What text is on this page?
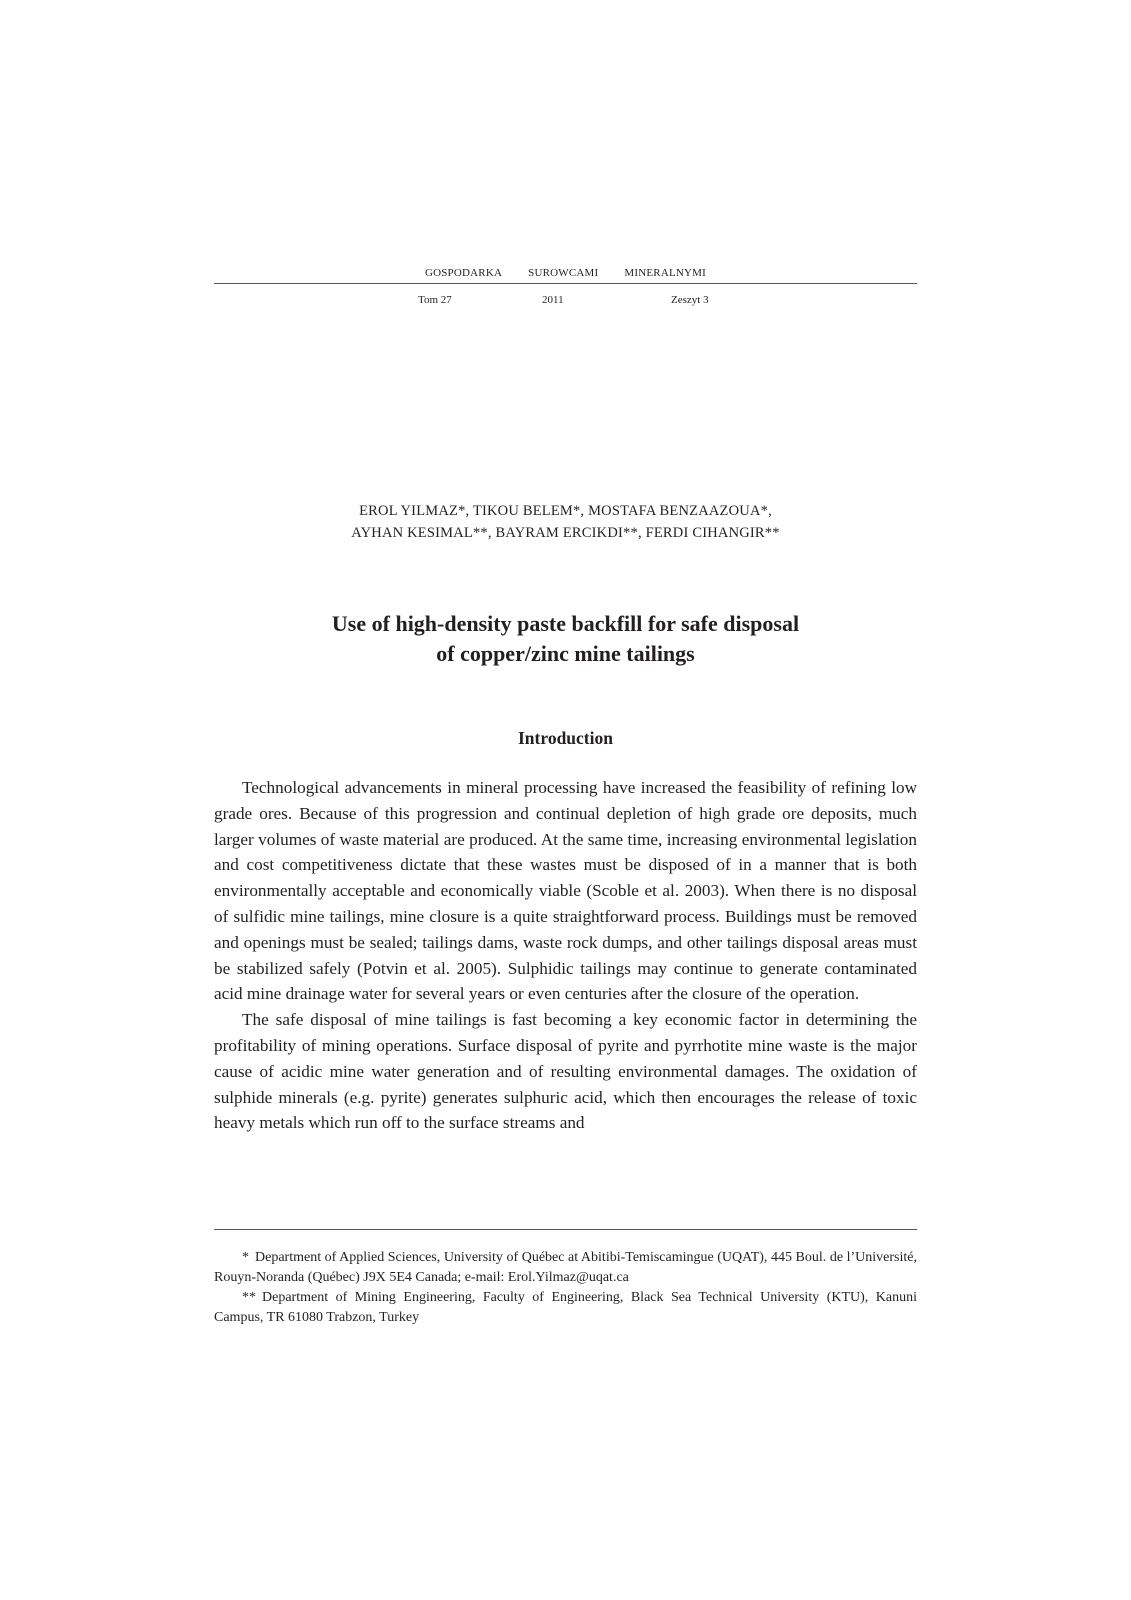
GOSPODARKA SUROWCAMI MINERALNYMI
Tom 27	2011	Zeszyt 3
EROL YILMAZ*, TIKOU BELEM*, MOSTAFA BENZAAZOUA*,
AYHAN KESIMAL**, BAYRAM ERCIKDI**, FERDI CIHANGIR**
Use of high-density paste backfill for safe disposal
of copper/zinc mine tailings
Introduction

Technological advancements in mineral processing have increased the feasibility of refining low grade ores. Because of this progression and continual depletion of high grade ore deposits, much larger volumes of waste material are produced. At the same time, increasing environmental legislation and cost competitiveness dictate that these wastes must be disposed of in a manner that is both environmentally acceptable and economically viable (Scoble et al. 2003). When there is no disposal of sulfidic mine tailings, mine closure is a quite straightforward process. Buildings must be removed and openings must be sealed; tailings dams, waste rock dumps, and other tailings disposal areas must be stabilized safely (Potvin et al. 2005). Sulphidic tailings may continue to generate contaminated acid mine drainage water for several years or even centuries after the closure of the operation.

The safe disposal of mine tailings is fast becoming a key economic factor in determining the profitability of mining operations. Surface disposal of pyrite and pyrrhotite mine waste is the major cause of acidic mine water generation and of resulting environmental damages. The oxidation of sulphide minerals (e.g. pyrite) generates sulphuric acid, which then encourages the release of toxic heavy metals which run off to the surface streams and

* Department of Applied Sciences, University of Québec at Abitibi-Temiscamingue (UQAT), 445 Boul. de l’Université, Rouyn-Noranda (Québec) J9X 5E4 Canada; e-mail: Erol.Yilmaz@uqat.ca

** Department of Mining Engineering, Faculty of Engineering, Black Sea Technical University (KTU), Kanuni Campus, TR 61080 Trabzon, Turkey
